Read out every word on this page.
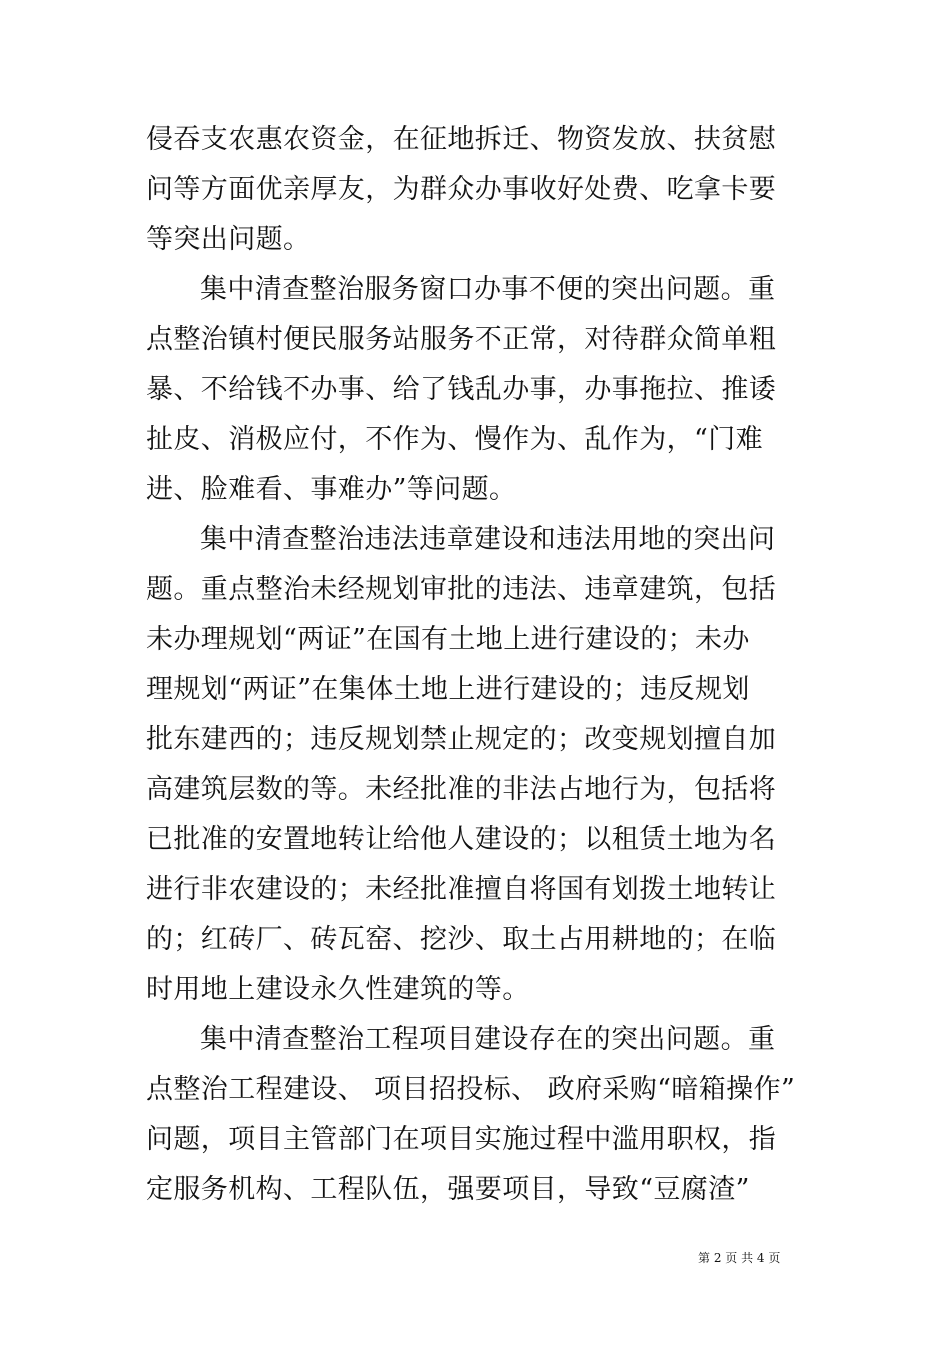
侵吞支农惠农资金，在征地拆迁、物资发放、扶贫慰
问等方面优亲厚友，为群众办事收好处费、吃拿卡要
等突出问题。
集中清查整治服务窗口办事不便的突出问题。重
点整治镇村便民服务站服务不正常，对待群众简单粗
暴、不给钱不办事、给了钱乱办事，办事拖拉、推诿
扯皮、消极应付，不作为、慢作为、乱作为，“门难
进、脸难看、事难办”等问题。
集中清查整治违法违章建设和违法用地的突出问
题。重点整治未经规划审批的违法、违章建筑，包括
未办理规划“两证”在国有土地上进行建设的；未办
理规划“两证”在集体土地上进行建设的；违反规划
批东建西的；违反规划禁止规定的；改变规划擅自加
高建筑层数的等。未经批准的非法占地行为，包括将
已批准的安置地转让给他人建设的；以租赁土地为名
进行非农建设的；未经批准擅自将国有划拨土地转让
的；红砖厂、砖瓦窑、挖沙、取土占用耕地的；在临
时用地上建设永久性建筑的等。
集中清查整治工程项目建设存在的突出问题。重
点整治工程建设、 项目招投标、 政府采购“暗箱操作”
问题，项目主管部门在项目实施过程中滥用职权，指
定服务机构、工程队伍，强要项目，导致“豆腐渣”
第 2 页 共 4 页
